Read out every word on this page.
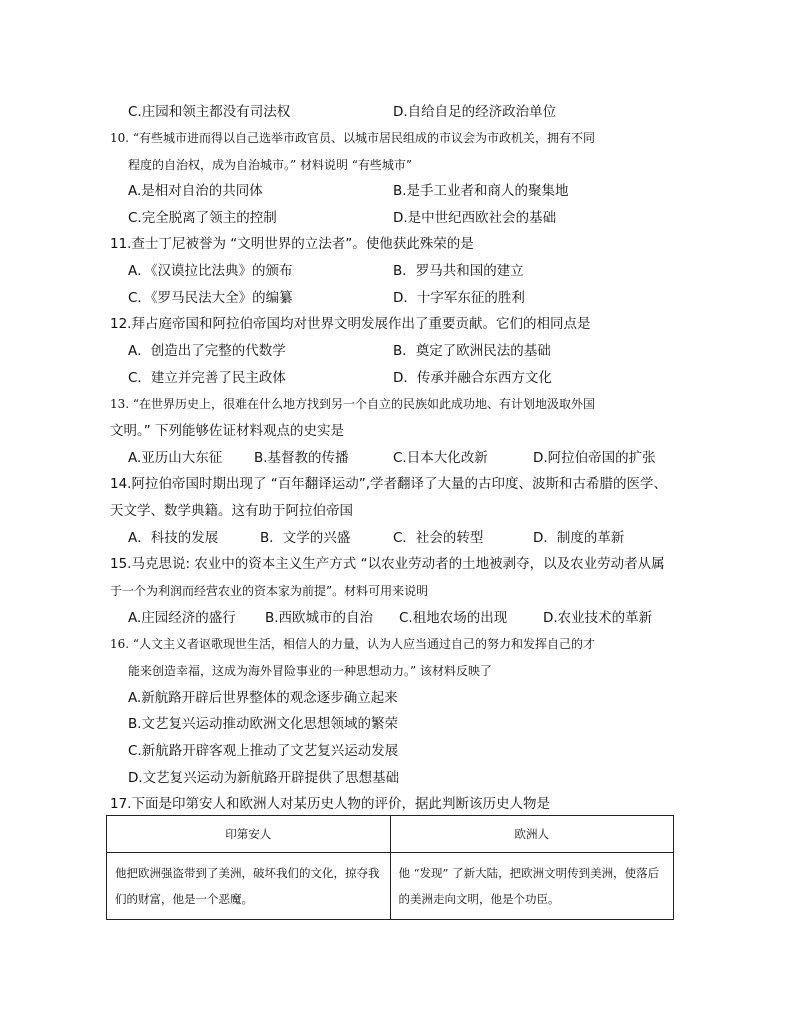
C.庄园和领主都没有司法权	D.自给自足的经济政治单位
10. “有些城市进而得以自己选举市政官员、以城市居民组成的市议会为市政机关，拥有不同
程度的自治权，成为自治城市。” 材料说明 “有些城市”
A.是相对自治的共同体	B.是手工业者和商人的聚集地
C.完全脱离了领主的控制	D.是中世纪西欧社会的基础
11.查士丁尼被誉为 “文明世界的立法者”。使他获此殊荣的是
A．《汉谟拉比法典》的颁布	B．罗马共和国的建立
C．《罗马民法大全》的编纂	D．十字军东征的胜利
12.拜占庭帝国和阿拉伯帝国均对世界文明发展作出了重要贡献。它们的相同点是
A．创造出了完整的代数学	B．奠定了欧洲民法的基础
C．建立并完善了民主政体	D．传承并融合东西方文化
13. “在世界历史上，很难在什么地方找到另一个自立的民族如此成功地、有计划地汲取外国
文明。” 下列能够佐证材料观点的史实是
A.亚历山大东征 B.基督教的传播	C.日本大化改新	D.阿拉伯帝国的扩张
14.阿拉伯帝国时期出现了 “百年翻译运动”,学者翻译了大量的古印度、波斯和古希腊的医学、
天文学、数学典籍。这有助于阿拉伯帝国
A．科技的发展	B．文学的兴盛	C．社会的转型	D．制度的革新
15.马克思说: 农业中的资本主义生产方式 “以农业劳动者的土地被剥夺，以及农业劳动者从属
于一个为利润而经营农业的资本家为前提”。材料可用来说明
A.庄园经济的盛行 B.西欧城市的自治 C.租地农场的出现	D.农业技术的革新
16. “人文主义者讴歌现世生活，相信人的力量，认为人应当通过自己的努力和发挥自己的才
能来创造幸福，这成为海外冒险事业的一种思想动力。” 该材料反映了
A.新航路开辟后世界整体的观念逐步确立起来
B.文艺复兴运动推动欧洲文化思想领域的繁荣
C.新航路开辟客观上推动了文艺复兴运动发展
D.文艺复兴运动为新航路开辟提供了思想基础
17.下面是印第安人和欧洲人对某历史人物的评价，据此判断该历史人物是
印第安人	欧洲人
他把欧洲强盗带到了美洲，破坏我们的文化，掠夺我们的财富，他是一个恶魔。	他 “发现” 了新大陆，把欧洲文明传到美洲，使落后的美洲走向文明，他是个功臣。
